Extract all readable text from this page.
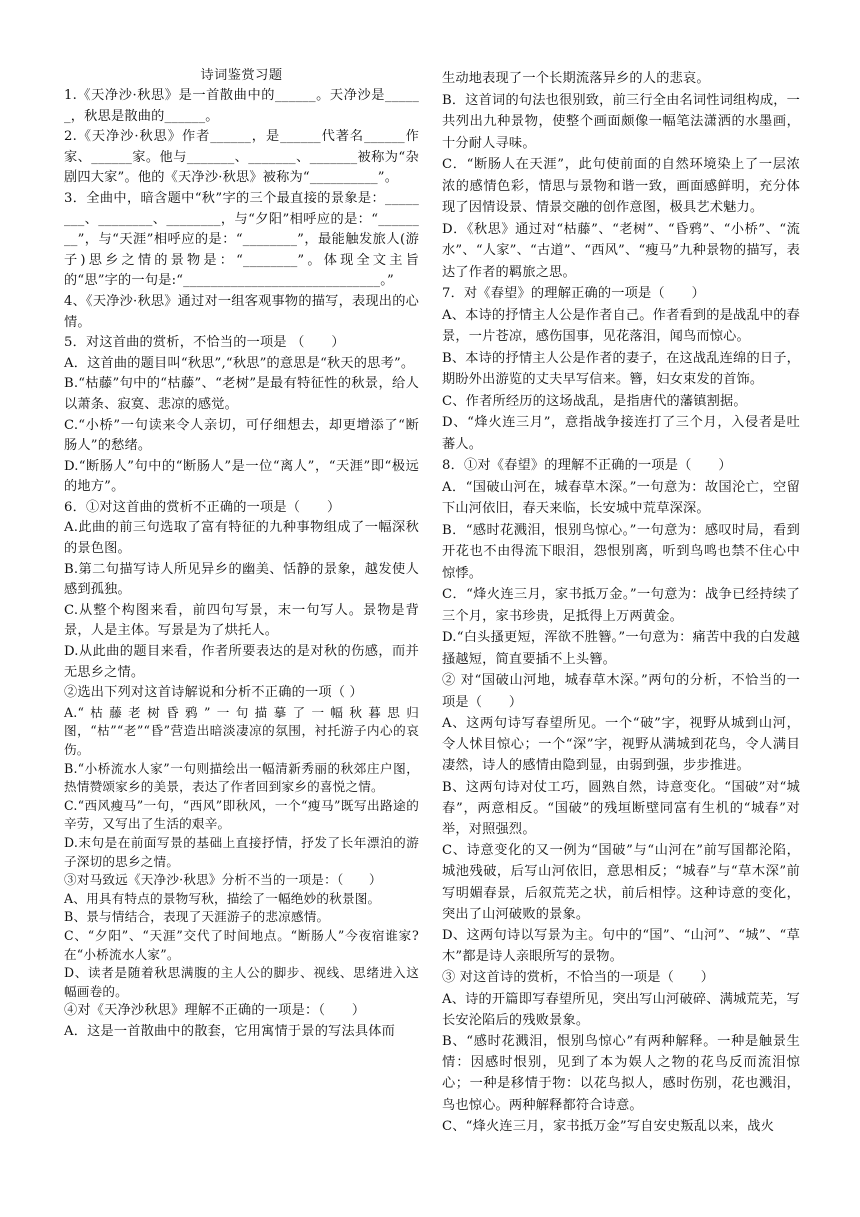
诗词鉴赏习题

1.《天净沙·秋思》是一首散曲中的______。天净沙是______，秋思是散曲的______。

2.《天净沙·秋思》作者______，是______代著名______作家、______家。他与_______、_______、_______被称为“杂剧四大家”。他的《天净沙·秋思》被称为“__________”。

3．全曲中，暗含题中“秋”字的三个最直接的景象是：________、________、________，与“夕阳”相呼应的是：“________”，与“天涯”相呼应的是：“________”，最能触发旅人(游子)思乡之情的景物是：“________”。体现全文主旨的“思”字的一句是:“_____________________________。”

4、《天净沙·秋思》通过对一组客观事物的描写，表现出的心情。

5．对这首曲的赏析，不恰当的一项是 （　　）

A．这首曲的题目叫“秋思”,“秋思”的意思是“秋天的思考”。

B.“枯藤”句中的“枯藤”、“老树”是最有特征性的秋景，给人以萧条、寂寞、悲凉的感觉。

C.“小桥”一句读来令人亲切，可仔细想去，却更增添了“断肠人”的愁绪。

D.“断肠人”句中的“断肠人”是一位“离人”，“天涯”即“极远的地方”。

6．①对这首曲的赏析不正确的一项是（　　）

A.此曲的前三句选取了富有特征的九种事物组成了一幅深秋的景色图。

B.第二句描写诗人所见异乡的幽美、恬静的景象，越发使人感到孤独。

C.从整个构图来看，前四句写景，末一句写人。景物是背景，人是主体。写景是为了烘托人。

D.从此曲的题目来看，作者所要表达的是对秋的伤感，而并无思乡之情。

②选出下列对这首诗解说和分析不正确的一项（ ）

A.“枯藤老树昏鸦”一句描摹了一幅秋暮思归图，“枯”“老”“昏”营造出暗淡凄凉的氛围，衬托游子内心的哀伤。

B.“小桥流水人家”一句则描绘出一幅清新秀丽的秋郊庄户图，热情赞颂家乡的美景，表达了作者回到家乡的喜悦之情。

C.“西风瘦马”一句，“西风”即秋风，一个“瘦马”既写出路途的辛劳，又写出了生活的艰辛。

D.末句是在前面写景的基础上直接抒情，抒发了长年漂泊的游子深切的思乡之情。

③对马致远《天净沙·秋思》分析不当的一项是：（　　）

A、用具有特点的景物写秋，描绘了一幅绝妙的秋景图。

B、景与情结合，表现了天涯游子的悲凉感情。

C、“夕阳”、“天涯”交代了时间地点。“断肠人”今夜宿谁家?在“小桥流水人家”。

D、读者是随着秋思满腹的主人公的脚步、视线、思绪进入这幅画卷的。

④对《天净沙秋思》理解不正确的一项是：（　　）

A．这是一首散曲中的散套，它用寓情于景的写法具体而

生动地表现了一个长期流落异乡的人的悲哀。

B．这首词的句法也很别致，前三行全由名词性词组构成，一共列出九种景物，使整个画面颇像一幅笔法潇洒的水墨画，十分耐人寻味。

C．“断肠人在天涯”，此句使前面的自然环境染上了一层浓浓的感情色彩，情思与景物和谐一致，画面感鲜明，充分体现了因情设景、情景交融的创作意图，极具艺术魅力。

D．《秋思》通过对“枯藤”、“老树”、“昏鸦”、“小桥”、“流水”、“人家”、“古道”、“西风”、“瘦马”九种景物的描写，表达了作者的羁旅之思。

7．对《春望》的理解正确的一项是（　　）

A、本诗的抒情主人公是作者自己。作者看到的是战乱中的春景，一片苍凉，感伤国事，见花落泪，闻鸟而惊心。

B、本诗的抒情主人公是作者的妻子，在这战乱连绵的日子，期盼外出游览的丈夫早写信来。簪，妇女束发的首饰。

C、作者所经历的这场战乱，是指唐代的藩镇割据。

D、“烽火连三月”，意指战争接连打了三个月，入侵者是吐蕃人。

8．①对《春望》的理解不正确的一项是（　　）

A．“国破山河在，城春草木深。”一句意为：故国沦亡，空留下山河依旧，春天来临，长安城中荒草深深。

B．“感时花溅泪，恨别鸟惊心。”一句意为：感叹时局，看到开花也不由得流下眼泪，怨恨别离，听到鸟鸣也禁不住心中惊悸。

C．“烽火连三月，家书抵万金。”一句意为：战争已经持续了三个月，家书珍贵，足抵得上万两黄金。

D.“白头搔更短，浑欲不胜簪。”一句意为：痛苦中我的白发越搔越短，简直要插不上头簪。

② 对“国破山河地，城春草木深。”两句的分析，不恰当的一项是（　　）

A、这两句诗写春望所见。一个“破”字，视野从城到山河，令人怵目惊心；一个“深”字，视野从满城到花鸟，令人满目凄然，诗人的感情由隐到显，由弱到强，步步推进。

B、这两句诗对仗工巧，圆熟自然，诗意变化。“国破”对“城春”，两意相反。“国破”的残垣断壁同富有生机的“城春”对举，对照强烈。

C、诗意变化的又一例为“国破”与“山河在”前写国都沦陷，城池残破，后写山河依旧，意思相反；“城春”与“草木深”前写明媚春景，后叙荒芜之状，前后相悖。这种诗意的变化，突出了山河破败的景象。

D、这两句诗以写景为主。句中的“国”、“山河”、“城”、“草木”都是诗人亲眼所写的景物。

③ 对这首诗的赏析，不恰当的一项是（　　）

A、诗的开篇即写春望所见，突出写山河破碎、满城荒芜，写长安沦陷后的残败景象。

B、“感时花溅泪，恨别鸟惊心”有两种解释。一种是触景生情：因感时恨别，见到了本为娱人之物的花鸟反而流泪惊心；一种是移情于物：以花鸟拟人，感时伤别，花也溅泪，鸟也惊心。两种解释都符合诗意。

C、“烽火连三月，家书抵万金”写自安史叛乱以来，战火
